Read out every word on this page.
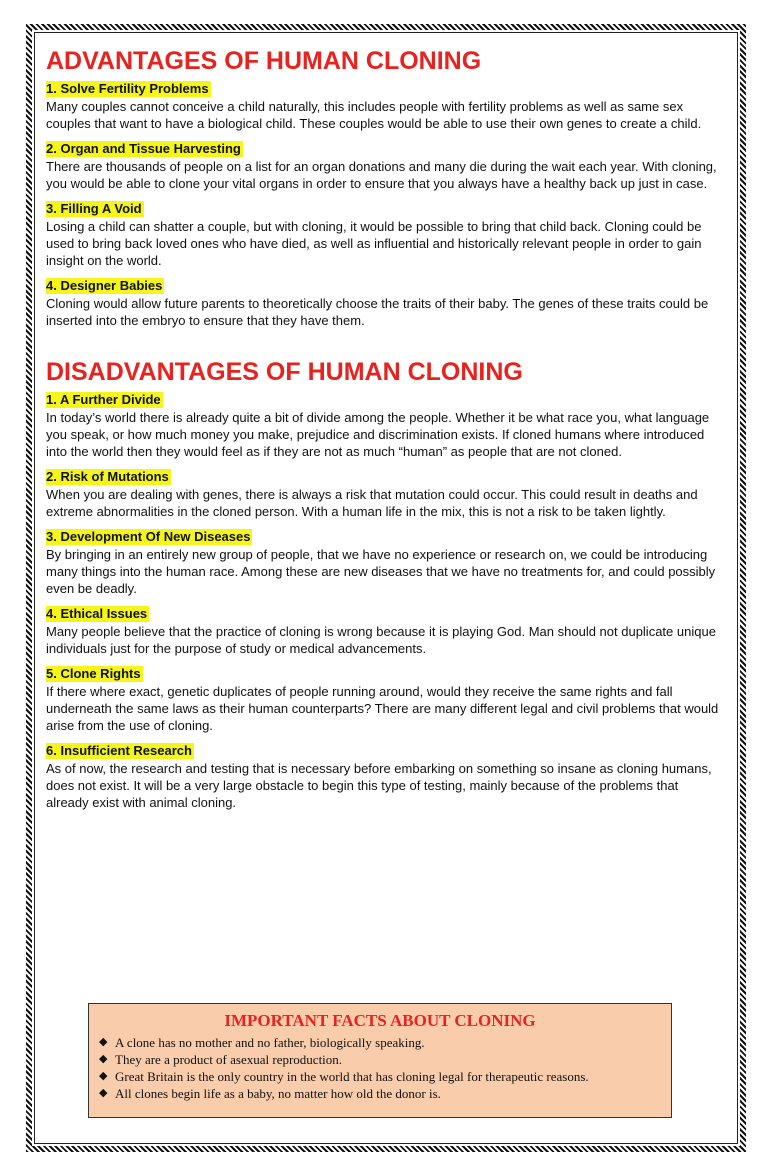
ADVANTAGES OF HUMAN CLONING
1. Solve Fertility Problems
Many couples cannot conceive a child naturally, this includes people with fertility problems as well as same sex couples that want to have a biological child. These couples would be able to use their own genes to create a child.
2. Organ and Tissue Harvesting
There are thousands of people on a list for an organ donations and many die during the wait each year. With cloning, you would be able to clone your vital organs in order to ensure that you always have a healthy back up just in case.
3. Filling A Void
Losing a child can shatter a couple, but with cloning, it would be possible to bring that child back. Cloning could be used to bring back loved ones who have died, as well as influential and historically relevant people in order to gain insight on the world.
4. Designer Babies
Cloning would allow future parents to theoretically choose the traits of their baby. The genes of these traits could be inserted into the embryo to ensure that they have them.
DISADVANTAGES OF HUMAN CLONING
1. A Further Divide
In today’s world there is already quite a bit of divide among the people. Whether it be what race you, what language you speak, or how much money you make, prejudice and discrimination exists. If cloned humans where introduced into the world then they would feel as if they are not as much “human” as people that are not cloned.
2. Risk of Mutations
When you are dealing with genes, there is always a risk that mutation could occur. This could result in deaths and extreme abnormalities in the cloned person. With a human life in the mix, this is not a risk to be taken lightly.
3. Development Of New Diseases
By bringing in an entirely new group of people, that we have no experience or research on, we could be introducing many things into the human race. Among these are new diseases that we have no treatments for, and could possibly even be deadly.
4. Ethical Issues
Many people believe that the practice of cloning is wrong because it is playing God. Man should not duplicate unique individuals just for the purpose of study or medical advancements.
5. Clone Rights
If there where exact, genetic duplicates of people running around, would they receive the same rights and fall underneath the same laws as their human counterparts? There are many different legal and civil problems that would arise from the use of cloning.
6. Insufficient Research
As of now, the research and testing that is necessary before embarking on something so insane as cloning humans, does not exist. It will be a very large obstacle to begin this type of testing, mainly because of the problems that already exist with animal cloning.
IMPORTANT FACTS ABOUT CLONING
◆ A clone has no mother and no father, biologically speaking.
◆ They are a product of asexual reproduction.
◆ Great Britain is the only country in the world that has cloning legal for therapeutic reasons.
◆ All clones begin life as a baby, no matter how old the donor is.
